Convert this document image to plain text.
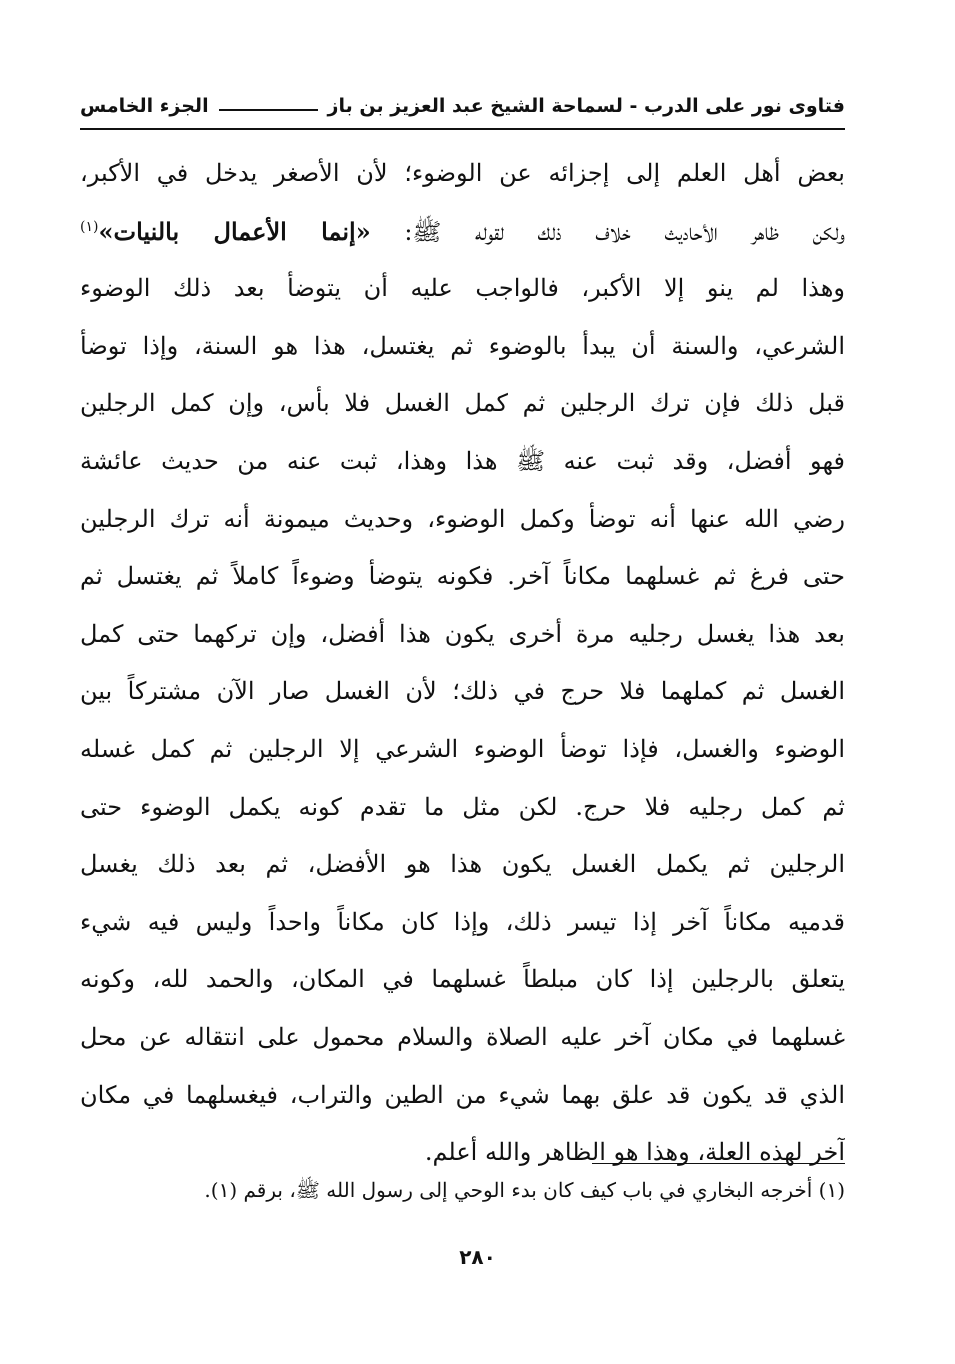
فتاوى نور على الدرب - لسماحة الشيخ عبد العزيز بن باز
الجزء الخامس
بعض أهل العلم إلى إجزائه عن الوضوء؛ لأن الأصغر يدخل في الأكبر،
ولكن ظاهر الأحاديث خلاف ذلك لقوله ﷺ: «إنما الأعمال بالنيات»$^{(١)}$
وهذا لم ينو إلا الأكبر، فالواجب عليه أن يتوضأ بعد ذلك الوضوء
الشرعي، والسنة أن يبدأ بالوضوء ثم يغتسل، هذا هو السنة، وإذا توضأ
قبل ذلك فإن ترك الرجلين ثم كمل الغسل فلا بأس، وإن كمل الرجلين
فهو أفضل، وقد ثبت عنه ﷺ هذا وهذا، ثبت عنه من حديث عائشة
رضي الله عنها أنه توضأ وكمل الوضوء، وحديث ميمونة أنه ترك الرجلين
حتى فرغ ثم غسلهما مكاناً آخر. فكونه يتوضأ وضوءاً كاملاً ثم يغتسل ثم
بعد هذا يغسل رجليه مرة أخرى يكون هذا أفضل، وإن تركهما حتى كمل
الغسل ثم كملهما فلا حرج في ذلك؛ لأن الغسل صار الآن مشتركاً بين
الوضوء والغسل، فإذا توضأ الوضوء الشرعي إلا الرجلين ثم كمل غسله
ثم كمل رجليه فلا حرج. لكن مثل ما تقدم كونه يكمل الوضوء حتى
الرجلين ثم يكمل الغسل يكون هذا هو الأفضل، ثم بعد ذلك يغسل
قدميه مكاناً آخر إذا تيسر ذلك، وإذا كان مكاناً واحداً وليس فيه شيء
يتعلق بالرجلين إذا كان مبلطاً غسلهما في المكان، والحمد لله، وكونه
غسلهما في مكان آخر عليه الصلاة والسلام محمول على انتقاله عن محل
الذي قد يكون قد علق بهما شيء من الطين والتراب، فيغسلهما في مكان
آخر لهذه العلة، وهذا هو الظاهر والله أعلم.
(١) أخرجه البخاري في باب كيف كان بدء الوحي إلى رسول الله ﷺ، برقم (١).
٢٨٠
